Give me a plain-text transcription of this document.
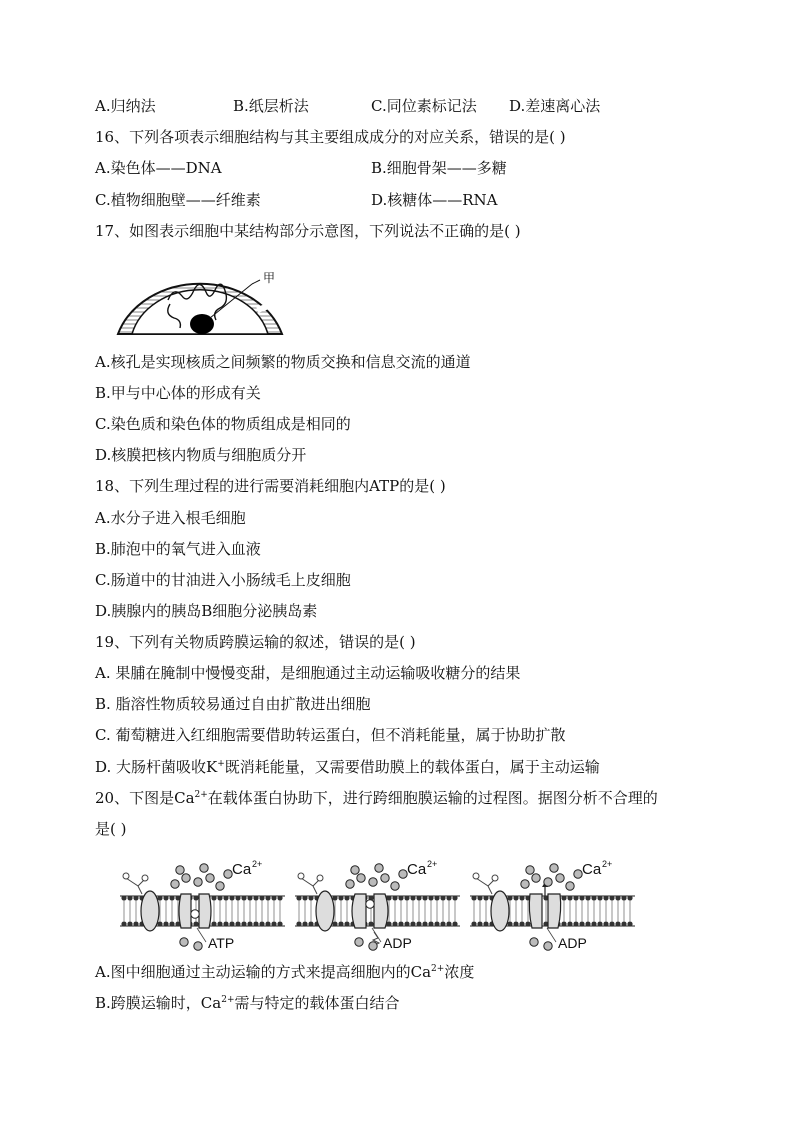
A.归纳法	B.纸层析法	C.同位素标记法 D.差速离心法
16、下列各项表示细胞结构与其主要组成成分的对应关系，错误的是( )
A.染色体——DNA	B.细胞骨架——多糖
C.植物细胞壁——纤维素	D.核糖体——RNA
17、如图表示细胞中某结构部分示意图，下列说法不正确的是( )
甲
A.核孔是实现核质之间频繁的物质交换和信息交流的通道
B.甲与中心体的形成有关
C.染色质和染色体的物质组成是相同的
D.核膜把核内物质与细胞质分开
18、下列生理过程的进行需要消耗细胞内ATP的是( )
A.水分子进入根毛细胞
B.肺泡中的氧气进入血液
C.肠道中的甘油进入小肠绒毛上皮细胞
D.胰腺内的胰岛B细胞分泌胰岛素
19、下列有关物质跨膜运输的叙述，错误的是( )
A. 果脯在腌制中慢慢变甜，是细胞通过主动运输吸收糖分的结果
B. 脂溶性物质较易通过自由扩散进出细胞
C. 葡萄糖进入红细胞需要借助转运蛋白，但不消耗能量，属于协助扩散
D. 大肠杆菌吸收K+既消耗能量，又需要借助膜上的载体蛋白，属于主动运输
20、下图是$Ca^{2+}$在载体蛋白协助下，进行跨细胞膜运输的过程图。据图分析不合理的
是( )
Ca 2+
ATP
Ca 2+
ADP
Ca 2+
ADP
A.图中细胞通过主动运输的方式来提高细胞内的$Ca^{2+}$浓度
B.跨膜运输时，$Ca^{2+}$需与特定的载体蛋白结合
